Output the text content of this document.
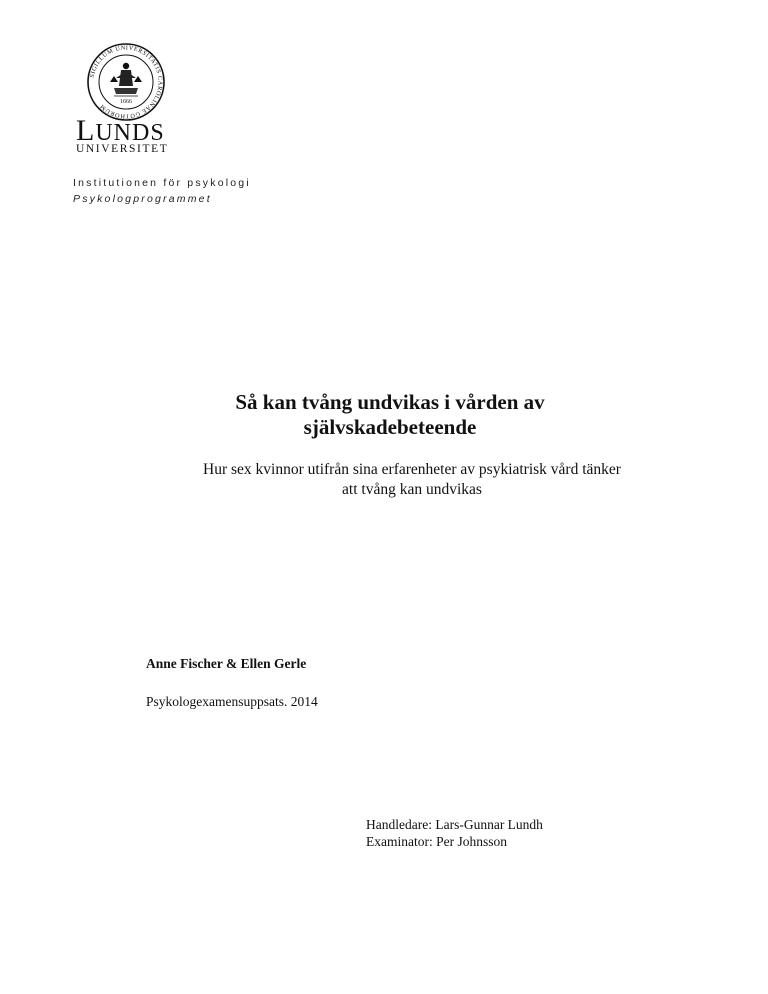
SIGILLUM UNIVERSITATIS CAROLINAE GOTHORUM
1666
LUNDS
UNIVERSITET
Institutionen för psykologi
Psykologprogrammet
Så kan tvång undvikas i vården av
självskadebeteende
Hur sex kvinnor utifrån sina erfarenheter av psykiatrisk vård tänker
att tvång kan undvikas
Anne Fischer & Ellen Gerle
Psykologexamensuppsats. 2014
Handledare: Lars-Gunnar Lundh
Examinator: Per Johnsson
